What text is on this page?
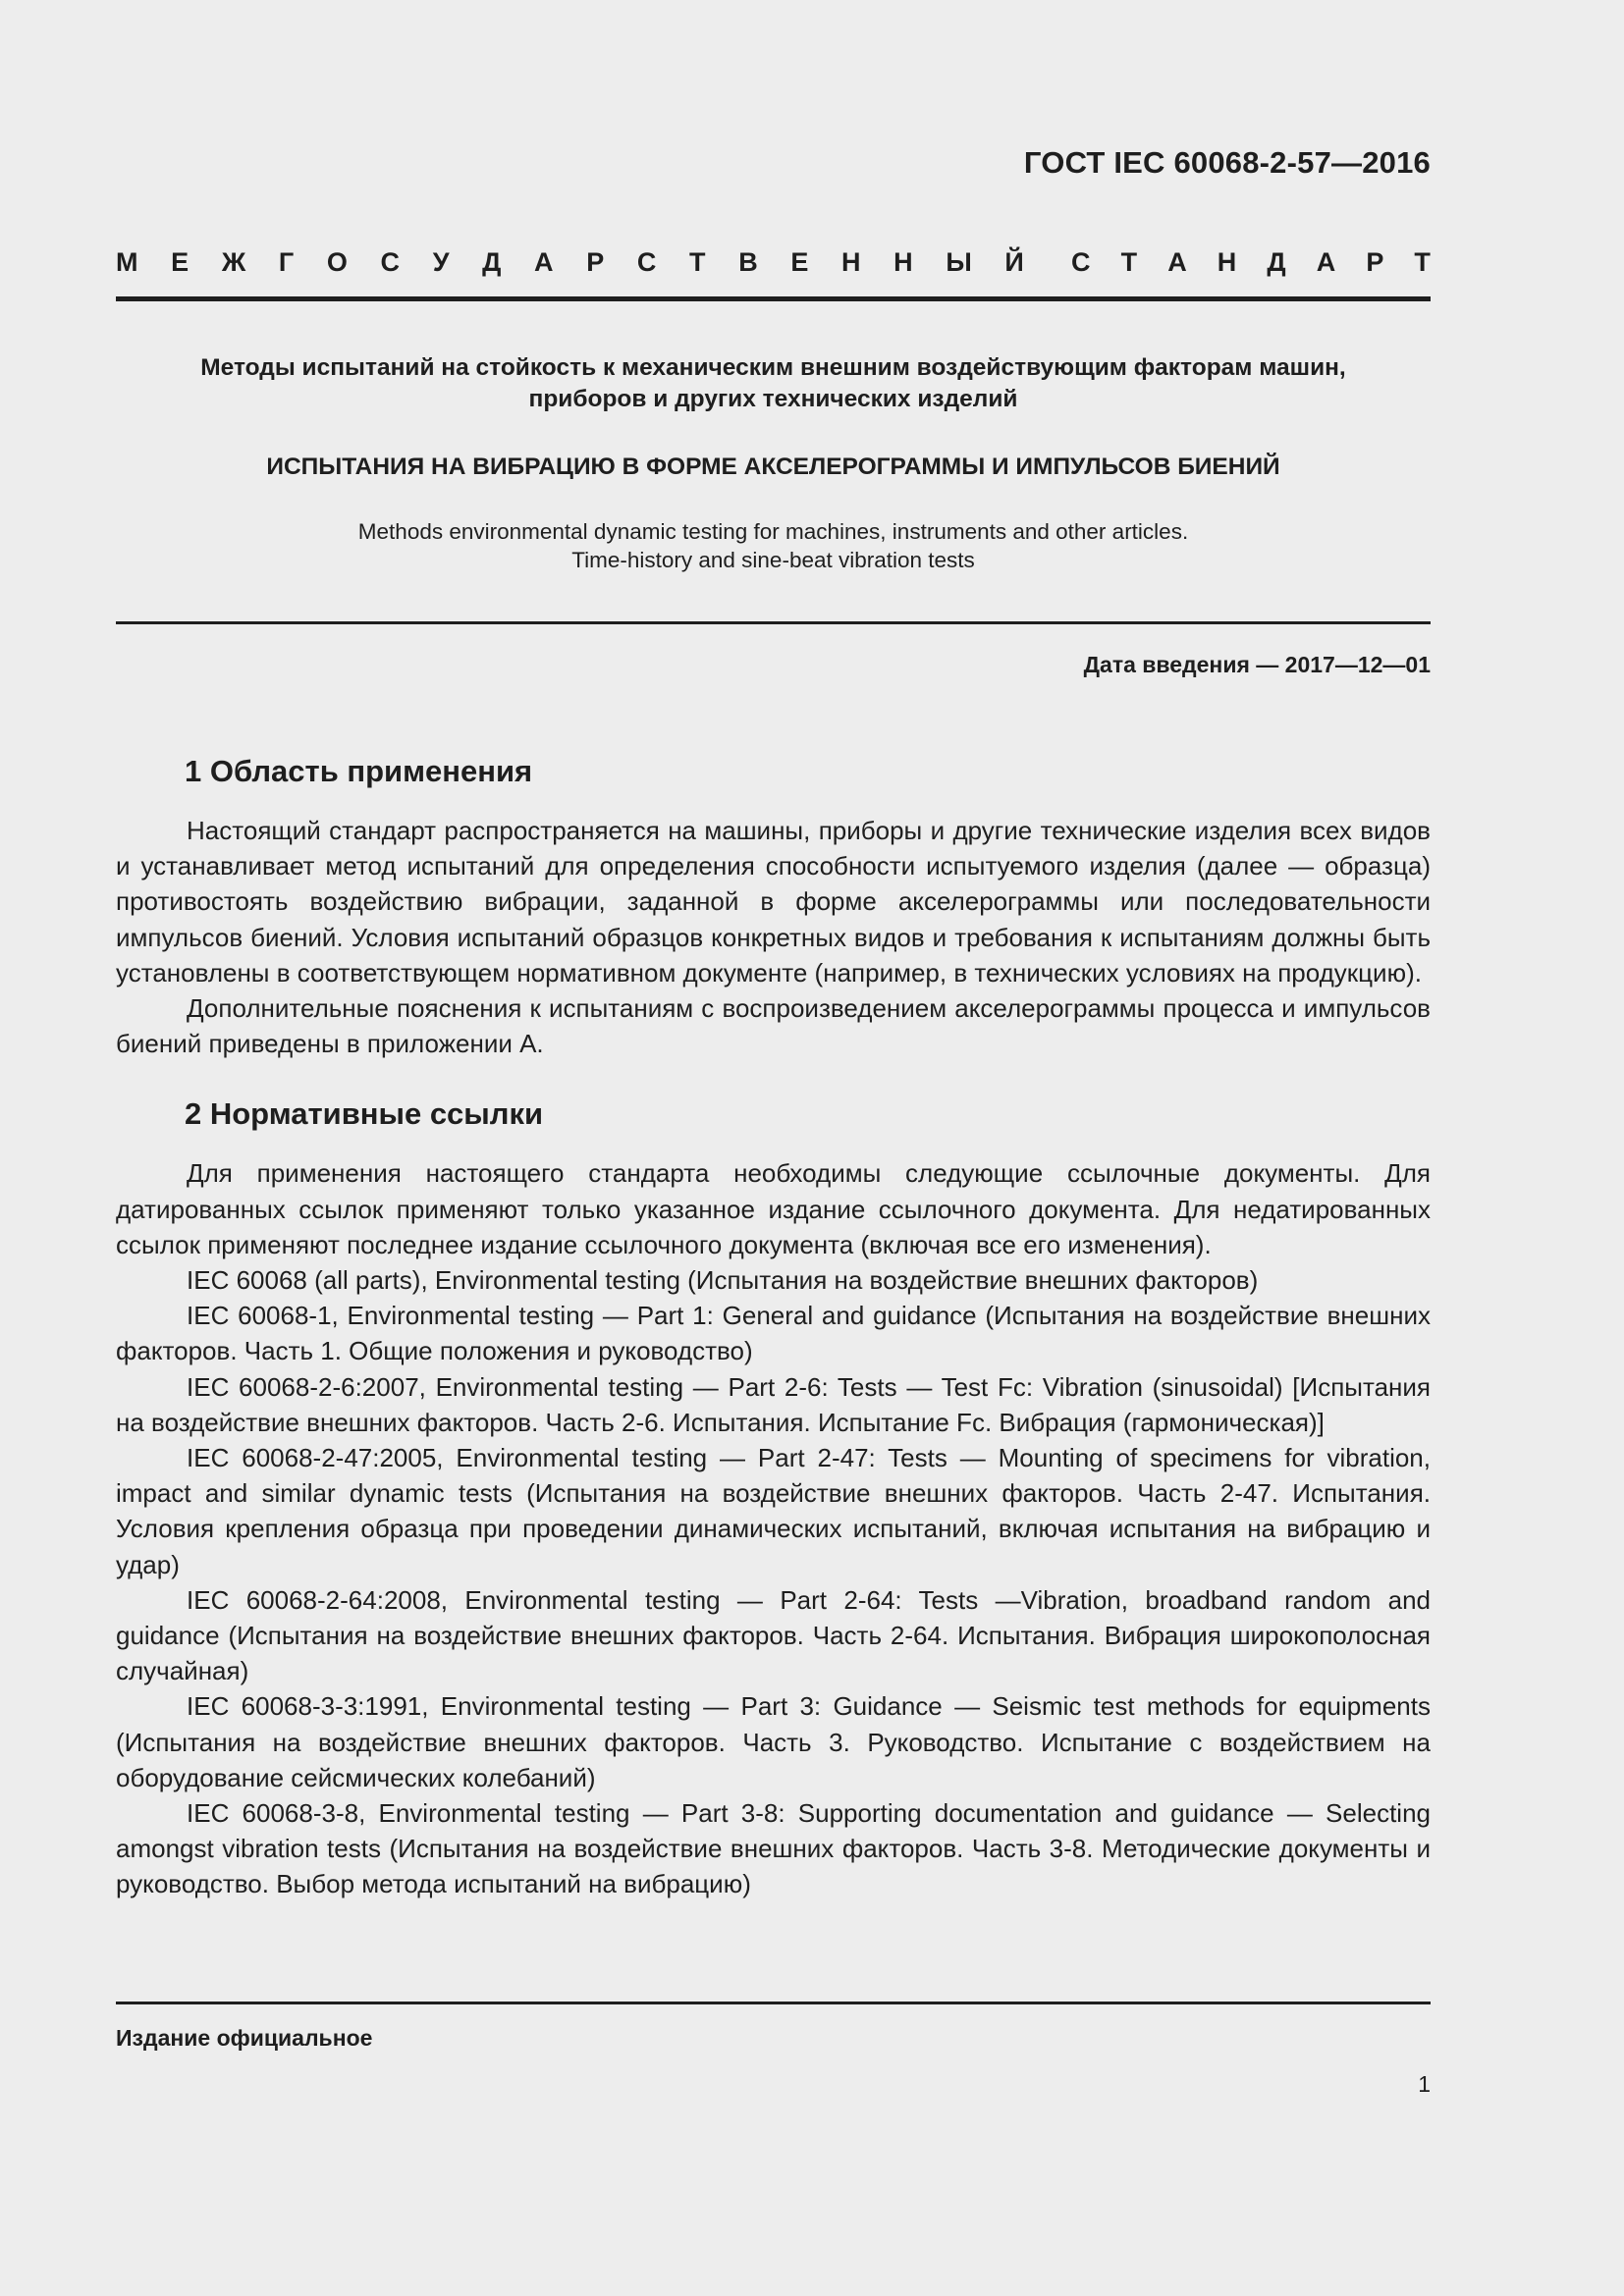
ГОСТ IEC 60068-2-57—2016
М Е Ж Г О С У Д А Р С Т В Е Н Н Ы Й С Т А Н Д А Р Т
Методы испытаний на стойкость к механическим внешним воздействующим факторам машин,
приборов и других технических изделий
ИСПЫТАНИЯ НА ВИБРАЦИЮ В ФОРМЕ АКСЕЛЕРОГРАММЫ И ИМПУЛЬСОВ БИЕНИЙ
Methods environmental dynamic testing for machines, instruments and other articles.
Time-history and sine-beat vibration tests
Дата введения — 2017—12—01
1 Область применения

Настоящий стандарт распространяется на машины, приборы и другие технические изделия всех видов и устанавливает метод испытаний для определения способности испытуемого изделия (далее — образца) противостоять воздействию вибрации, заданной в форме акселерограммы или последовательности импульсов биений. Условия испытаний образцов конкретных видов и требования к испытаниям должны быть установлены в соответствующем нормативном документе (например, в технических условиях на продукцию).

Дополнительные пояснения к испытаниям с воспроизведением акселерограммы процесса и импульсов биений приведены в приложении А.

2 Нормативные ссылки

Для применения настоящего стандарта необходимы следующие ссылочные документы. Для датированных ссылок применяют только указанное издание ссылочного документа. Для недатированных ссылок применяют последнее издание ссылочного документа (включая все его изменения).

IEC 60068 (all parts), Environmental testing (Испытания на воздействие внешних факторов)

IEC 60068-1, Environmental testing — Part 1: General and guidance (Испытания на воздействие внешних факторов. Часть 1. Общие положения и руководство)

IEC 60068-2-6:2007, Environmental testing — Part 2-6: Tests — Test Fc: Vibration (sinusoidal) [Испытания на воздействие внешних факторов. Часть 2-6. Испытания. Испытание Fc. Вибрация (гармоническая)]

IEC 60068-2-47:2005, Environmental testing — Part 2-47: Tests — Mounting of specimens for vibration, impact and similar dynamic tests (Испытания на воздействие внешних факторов. Часть 2-47. Испытания. Условия крепления образца при проведении динамических испытаний, включая испытания на вибрацию и удар)

IEC 60068-2-64:2008, Environmental testing — Part 2-64: Tests —Vibration, broadband random and guidance (Испытания на воздействие внешних факторов. Часть 2-64. Испытания. Вибрация широкополосная случайная)

IEC 60068-3-3:1991, Environmental testing — Part 3: Guidance — Seismic test methods for equipments (Испытания на воздействие внешних факторов. Часть 3. Руководство. Испытание с воздействием на оборудование сейсмических колебаний)

IEC 60068-3-8, Environmental testing — Part 3-8: Supporting documentation and guidance — Selecting amongst vibration tests (Испытания на воздействие внешних факторов. Часть 3-8. Методические документы и руководство. Выбор метода испытаний на вибрацию)

Издание официальное
1
